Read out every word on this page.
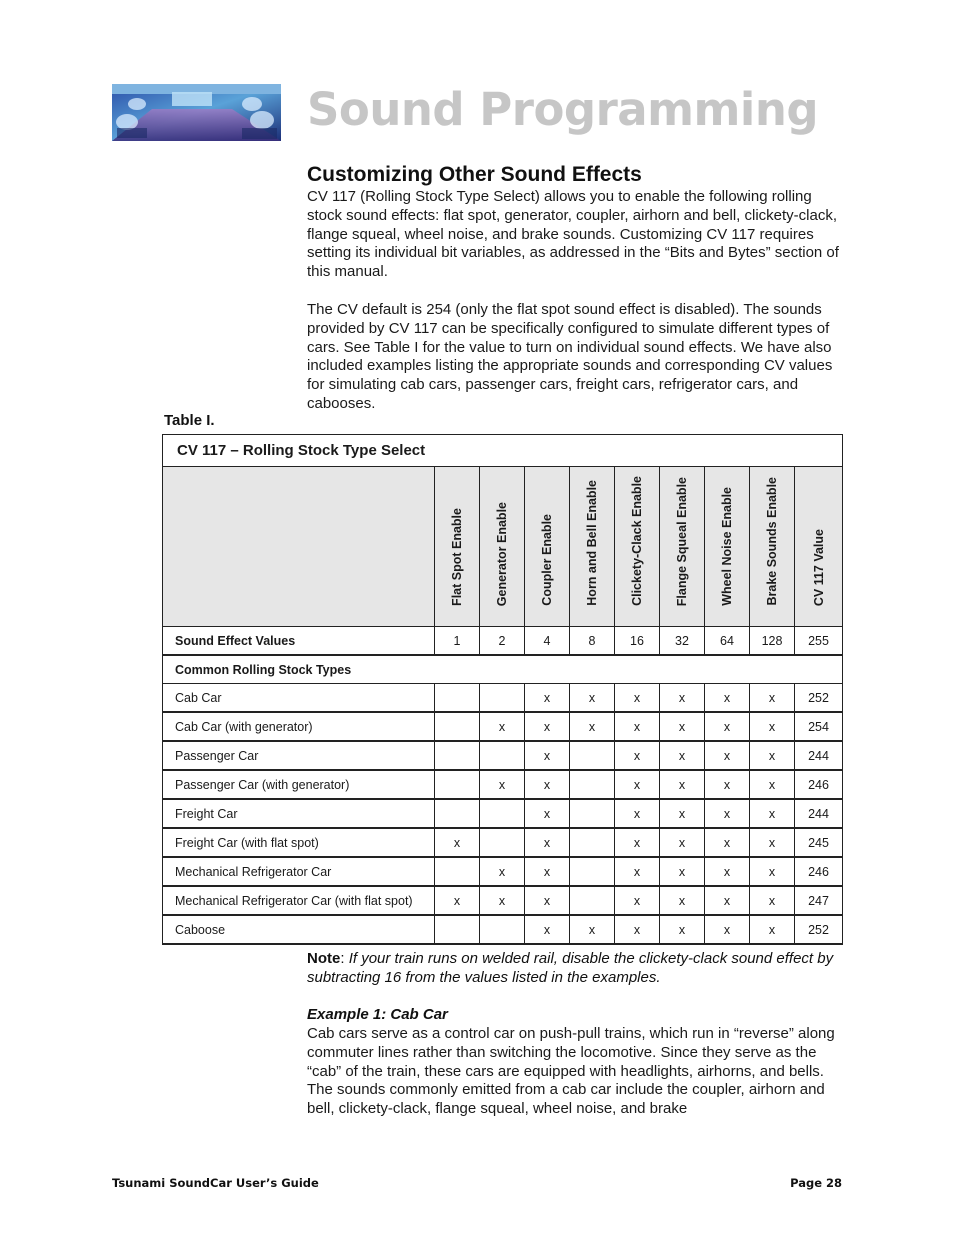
Sound Programming
Customizing Other Sound Effects

CV 117 (Rolling Stock Type Select) allows you to enable the following rolling stock sound effects: flat spot, generator, coupler, airhorn and bell, clickety-clack, flange squeal, wheel noise, and brake sounds. Customizing CV 117 requires setting its individual bit variables, as addressed in the “Bits and Bytes” section of this manual.

The CV default is 254 (only the flat spot sound effect is disabled). The sounds provided by CV 117 can be specifically configured to simulate different types of cars. See Table I for the value to turn on individual sound effects. We have also included examples listing the appropriate sounds and corresponding CV values for simulating cab cars, passenger cars, freight cars, refrigerator cars, and cabooses.

Table I.

CV 117 – Rolling Stock Type Select									
	Flat Spot Enable	Generator Enable	Coupler Enable	Horn and Bell Enable	Clickety-Clack Enable	Flange Squeal Enable	Wheel Noise Enable	Brake Sounds Enable	CV 117 Value
Sound Effect Values	1	2	4	8	16	32	64	128	255
Common Rolling Stock Types									
Cab Car			x	x	x	x	x	x	252
Cab Car (with generator)		x	x	x	x	x	x	x	254
Passenger Car			x		x	x	x	x	244
Passenger Car (with generator)		x	x		x	x	x	x	246
Freight Car			x		x	x	x	x	244
Freight Car (with flat spot)	x		x		x	x	x	x	245
Mechanical Refrigerator Car		x	x		x	x	x	x	246
Mechanical Refrigerator Car (with flat spot)	x	x	x		x	x	x	x	247
Caboose			x	x	x	x	x	x	252

Note: If your train runs on welded rail, disable the clickety-clack sound effect by subtracting 16 from the values listed in the examples.

Example 1: Cab Car

Cab cars serve as a control car on push-pull trains, which run in “reverse” along commuter lines rather than switching the locomotive. Since they serve as the “cab” of the train, these cars are equipped with headlights, airhorns, and bells. The sounds commonly emitted from a cab car include the coupler, airhorn and bell, clickety-clack, flange squeal, wheel noise, and brake

Tsunami SoundCar User’s Guide	Page 28
